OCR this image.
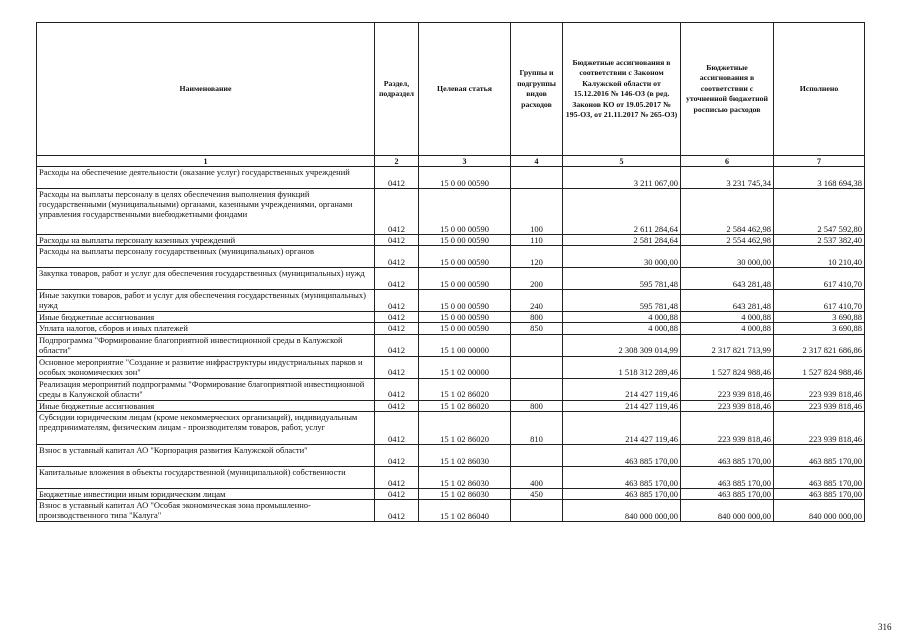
Наименование	Раздел, подраздел	Целевая статья	Группы и подгруппы видов расходов	Бюджетные ассигнования в соответствии с Законом Калужской области от 15.12.2016 № 146-ОЗ (в ред. Законов КО от 19.05.2017 № 195-ОЗ, от 21.11.2017 № 265-ОЗ)	Бюджетные ассигнования в соответствии с уточненной бюджетной росписью расходов	Исполнено
1	2	3	4	5	6	7
Расходы на обеспечение деятельности (оказание услуг) государственных учреждений	0412	15 0 00 00590		3 211 067,00	3 231 745,34	3 168 694,38
Расходы на выплаты персоналу в целях обеспечения выполнения функций государственными (муниципальными) органами, казенными учреждениями, органами управления государственными внебюджетными фондами	0412	15 0 00 00590	100	2 611 284,64	2 584 462,98	2 547 592,80
Расходы на выплаты персоналу казенных учреждений	0412	15 0 00 00590	110	2 581 284,64	2 554 462,98	2 537 382,40
Расходы на выплаты персоналу государственных (муниципальных) органов	0412	15 0 00 00590	120	30 000,00	30 000,00	10 210,40
Закупка товаров, работ и услуг для обеспечения государственных (муниципальных) нужд	0412	15 0 00 00590	200	595 781,48	643 281,48	617 410,70
Иные закупки товаров, работ и услуг для обеспечения государственных (муниципальных) нужд	0412	15 0 00 00590	240	595 781,48	643 281,48	617 410,70
Иные бюджетные ассигнования	0412	15 0 00 00590	800	4 000,88	4 000,88	3 690,88
Уплата налогов, сборов и иных платежей	0412	15 0 00 00590	850	4 000,88	4 000,88	3 690,88
Подпрограмма "Формирование благоприятной инвестиционной среды в Калужской области"	0412	15 1 00 00000		2 308 309 014,99	2 317 821 713,99	2 317 821 686,86
Основное мероприятие "Создание и развитие инфраструктуры индустриальных парков и особых экономических зон"	0412	15 1 02 00000		1 518 312 289,46	1 527 824 988,46	1 527 824 988,46
Реализация мероприятий подпрограммы "Формирование благоприятной инвестиционной среды в Калужской области"	0412	15 1 02 86020		214 427 119,46	223 939 818,46	223 939 818,46
Иные бюджетные ассигнования	0412	15 1 02 86020	800	214 427 119,46	223 939 818,46	223 939 818,46
Субсидии юридическим лицам (кроме некоммерческих организаций), индивидуальным предпринимателям, физическим лицам - производителям товаров, работ, услуг	0412	15 1 02 86020	810	214 427 119,46	223 939 818,46	223 939 818,46
Взнос в уставный капитал АО "Корпорация развития Калужской области"	0412	15 1 02 86030		463 885 170,00	463 885 170,00	463 885 170,00
Капитальные вложения в объекты государственной (муниципальной) собственности	0412	15 1 02 86030	400	463 885 170,00	463 885 170,00	463 885 170,00
Бюджетные инвестиции иным юридическим лицам	0412	15 1 02 86030	450	463 885 170,00	463 885 170,00	463 885 170,00
Взнос в уставный капитал АО "Особая экономическая зона промышленно-производственного типа "Калуга"	0412	15 1 02 86040		840 000 000,00	840 000 000,00	840 000 000,00
316
